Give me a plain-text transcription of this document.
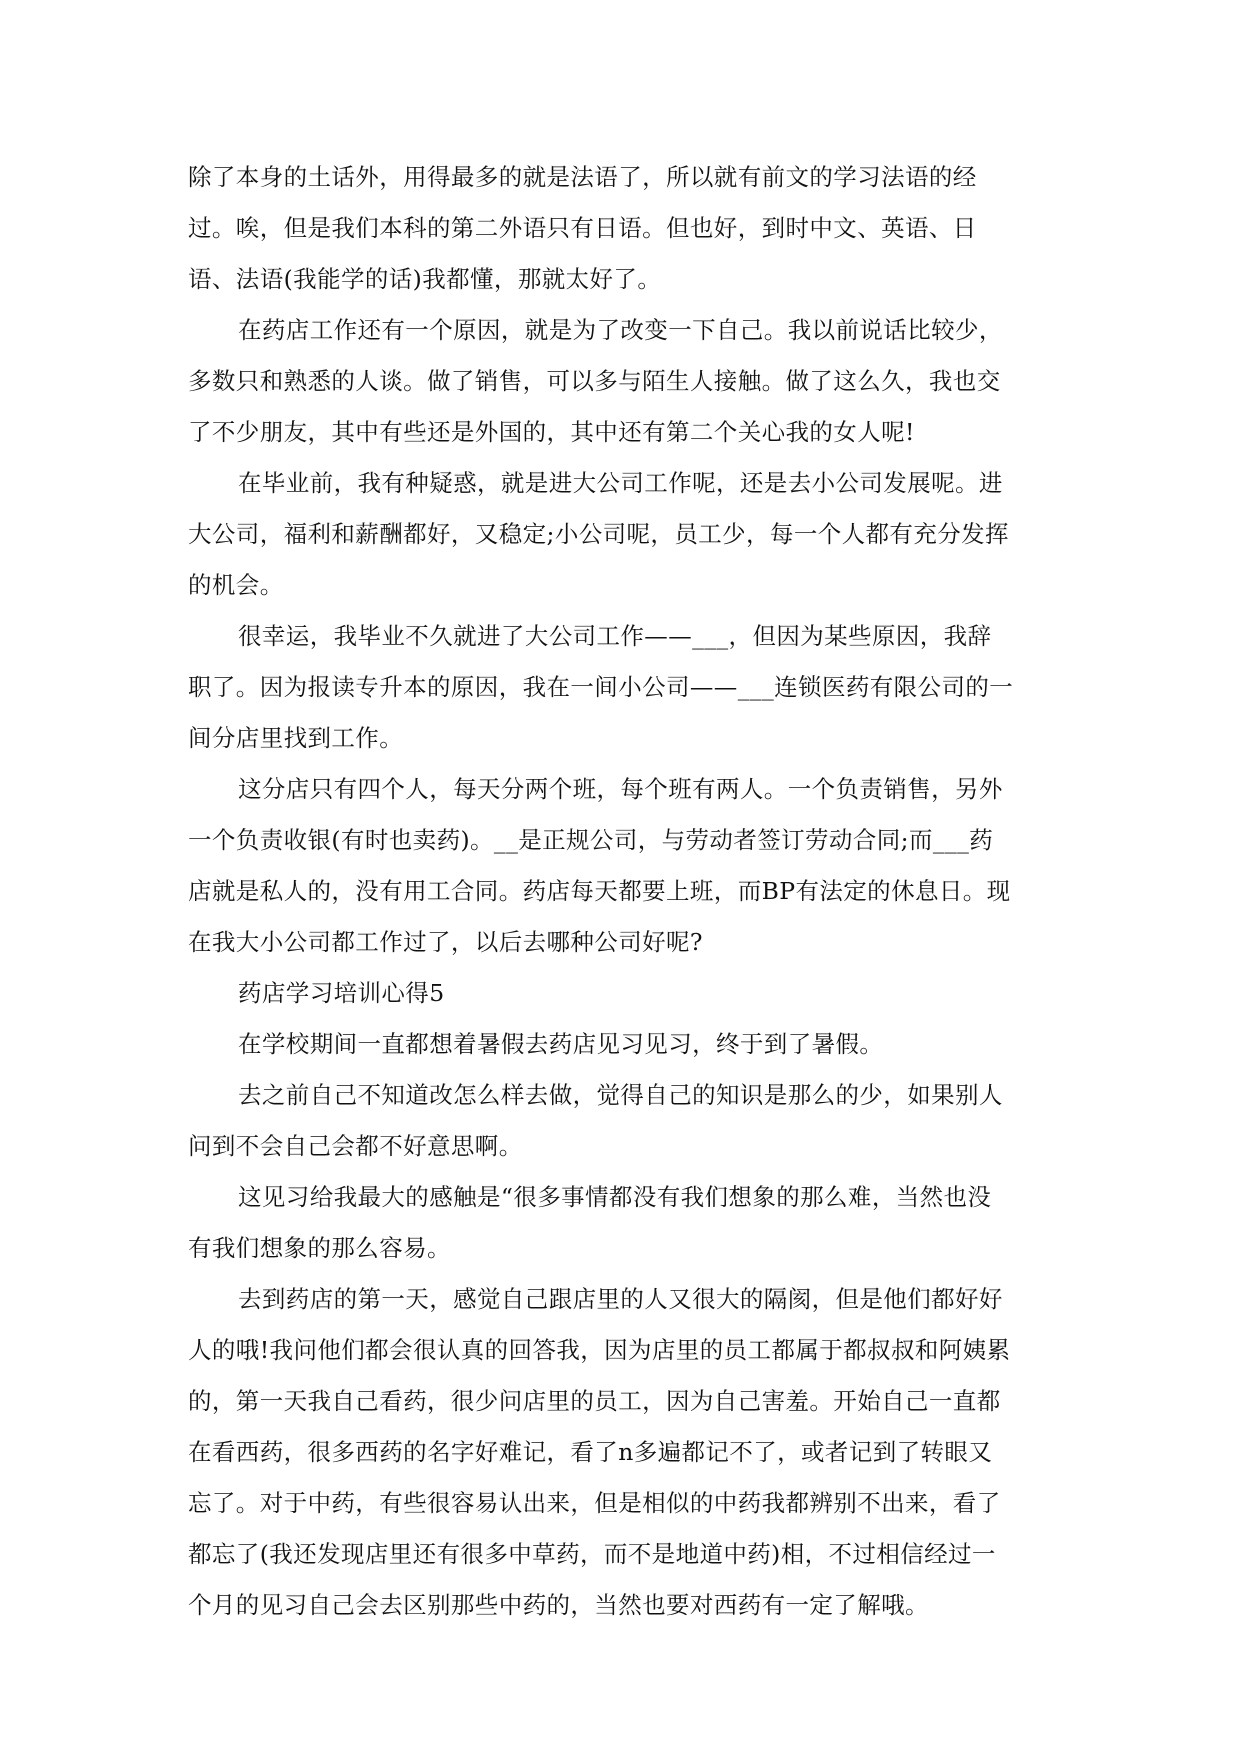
除了本身的土话外，用得最多的就是法语了，所以就有前文的学习法语的经
过。唉，但是我们本科的第二外语只有日语。但也好，到时中文、英语、日
语、法语(我能学的话)我都懂，那就太好了。
在药店工作还有一个原因，就是为了改变一下自己。我以前说话比较少，
多数只和熟悉的人谈。做了销售，可以多与陌生人接触。做了这么久，我也交
了不少朋友，其中有些还是外国的，其中还有第二个关心我的女人呢!
在毕业前，我有种疑惑，就是进大公司工作呢，还是去小公司发展呢。进
大公司，福利和薪酬都好，又稳定;小公司呢，员工少，每一个人都有充分发挥
的机会。
很幸运，我毕业不久就进了大公司工作——___，但因为某些原因，我辞
职了。因为报读专升本的原因，我在一间小公司——___连锁医药有限公司的一
间分店里找到工作。
这分店只有四个人，每天分两个班，每个班有两人。一个负责销售，另外
一个负责收银(有时也卖药)。__是正规公司，与劳动者签订劳动合同;而___药
店就是私人的，没有用工合同。药店每天都要上班，而BP有法定的休息日。现
在我大小公司都工作过了，以后去哪种公司好呢?
药店学习培训心得5
在学校期间一直都想着暑假去药店见习见习，终于到了暑假。
去之前自己不知道改怎么样去做，觉得自己的知识是那么的少，如果别人
问到不会自己会都不好意思啊。
这见习给我最大的感触是“很多事情都没有我们想象的那么难，当然也没
有我们想象的那么容易。
去到药店的第一天，感觉自己跟店里的人又很大的隔阂，但是他们都好好
人的哦!我问他们都会很认真的回答我，因为店里的员工都属于都叔叔和阿姨累
的，第一天我自己看药，很少问店里的员工，因为自己害羞。开始自己一直都
在看西药，很多西药的名字好难记，看了n多遍都记不了，或者记到了转眼又
忘了。对于中药，有些很容易认出来，但是相似的中药我都辨别不出来，看了
都忘了(我还发现店里还有很多中草药，而不是地道中药)相，不过相信经过一
个月的见习自己会去区别那些中药的，当然也要对西药有一定了解哦。
